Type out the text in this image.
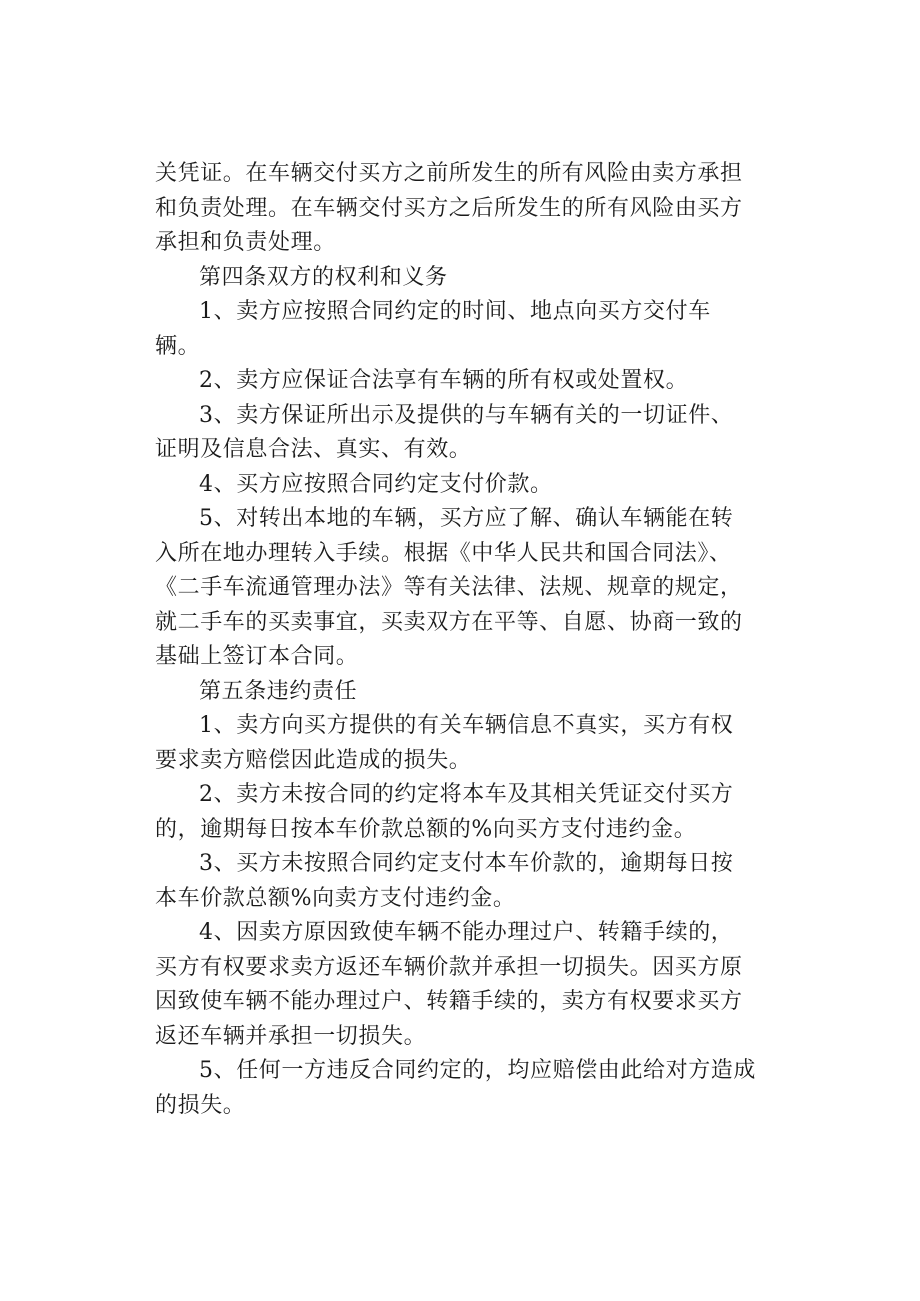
关凭证。在车辆交付买方之前所发生的所有风险由卖方承担
和负责处理。在车辆交付买方之后所发生的所有风险由买方
承担和负责处理。
第四条双方的权利和义务
1、卖方应按照合同约定的时间、地点向买方交付车
辆。
2、卖方应保证合法享有车辆的所有权或处置权。
3、卖方保证所出示及提供的与车辆有关的一切证件、
证明及信息合法、真实、有效。
4、买方应按照合同约定支付价款。
5、对转出本地的车辆，买方应了解、确认车辆能在转
入所在地办理转入手续。根据《中华人民共和国合同法》、
《二手车流通管理办法》等有关法律、法规、规章的规定，
就二手车的买卖事宜，买卖双方在平等、自愿、协商一致的
基础上签订本合同。
第五条违约责任
1、卖方向买方提供的有关车辆信息不真实，买方有权
要求卖方赔偿因此造成的损失。
2、卖方未按合同的约定将本车及其相关凭证交付买方
的，逾期每日按本车价款总额的%向买方支付违约金。
3、买方未按照合同约定支付本车价款的，逾期每日按
本车价款总额%向卖方支付违约金。
4、因卖方原因致使车辆不能办理过户、转籍手续的，
买方有权要求卖方返还车辆价款并承担一切损失。因买方原
因致使车辆不能办理过户、转籍手续的，卖方有权要求买方
返还车辆并承担一切损失。
5、任何一方违反合同约定的，均应赔偿由此给对方造成
的损失。
